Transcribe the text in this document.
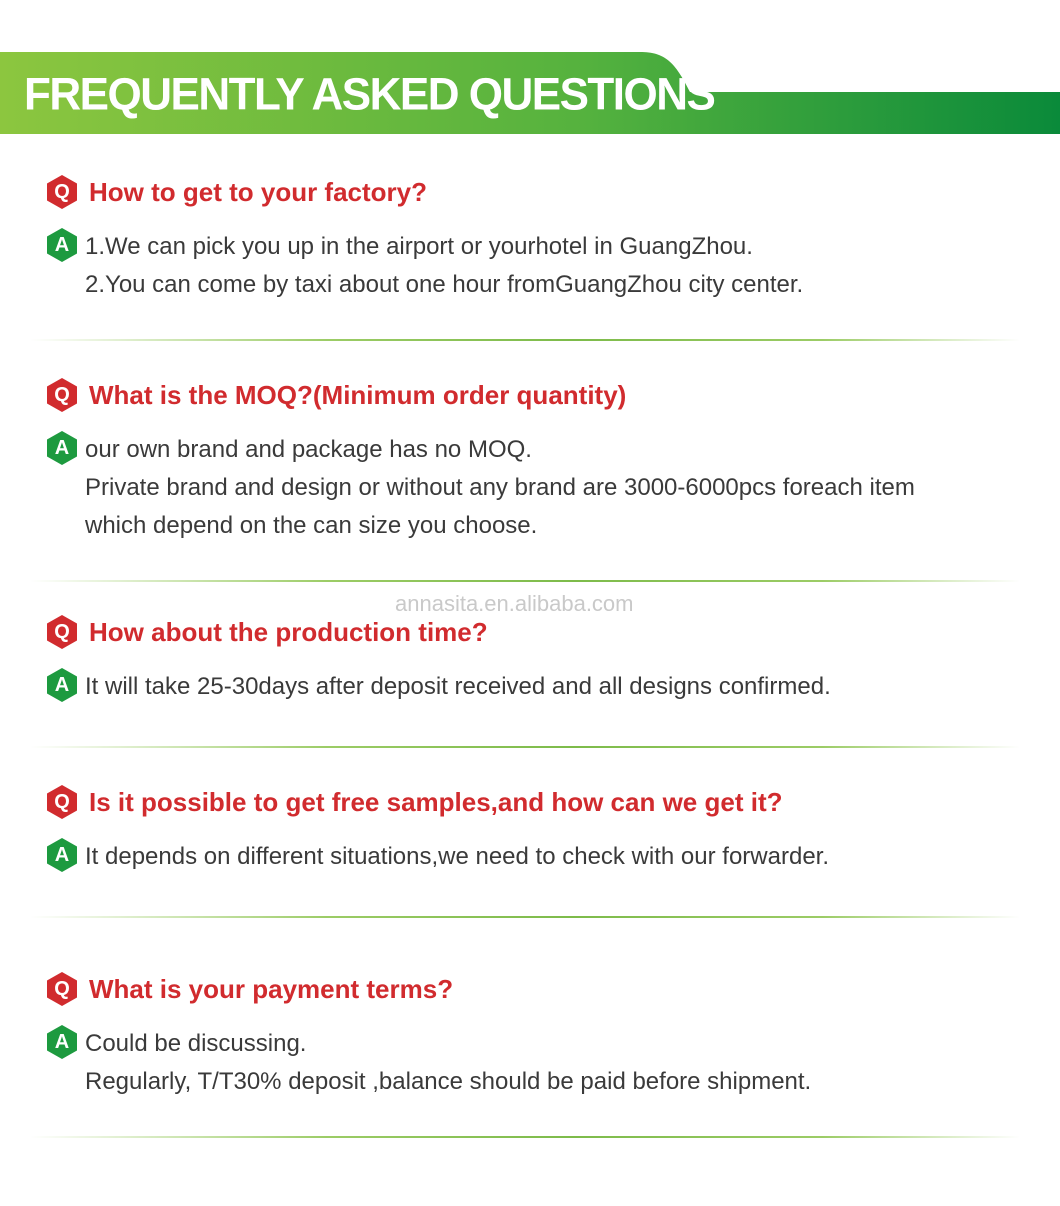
FREQUENTLY ASKED QUESTIONS
Q How to get to your factory?
A 1.We can pick you up in the airport or yourhotel in GuangZhou.
2.You can come by taxi about one hour fromGuangZhou city center.
Q What is the MOQ?(Minimum order quantity)
A our own brand and package has no MOQ.
Private brand and design or without any brand are 3000-6000pcs foreach item
which depend on the can size you choose.
annasita.en.alibaba.com
Q How about the production time?
A It will take 25-30days after deposit received and all designs confirmed.
Q Is it possible to get free samples,and how can we get it?
A It depends on different situations,we need to check with our forwarder.
Q What is your payment terms?
A Could be discussing.
Regularly, T/T30% deposit ,balance should be paid before shipment.
